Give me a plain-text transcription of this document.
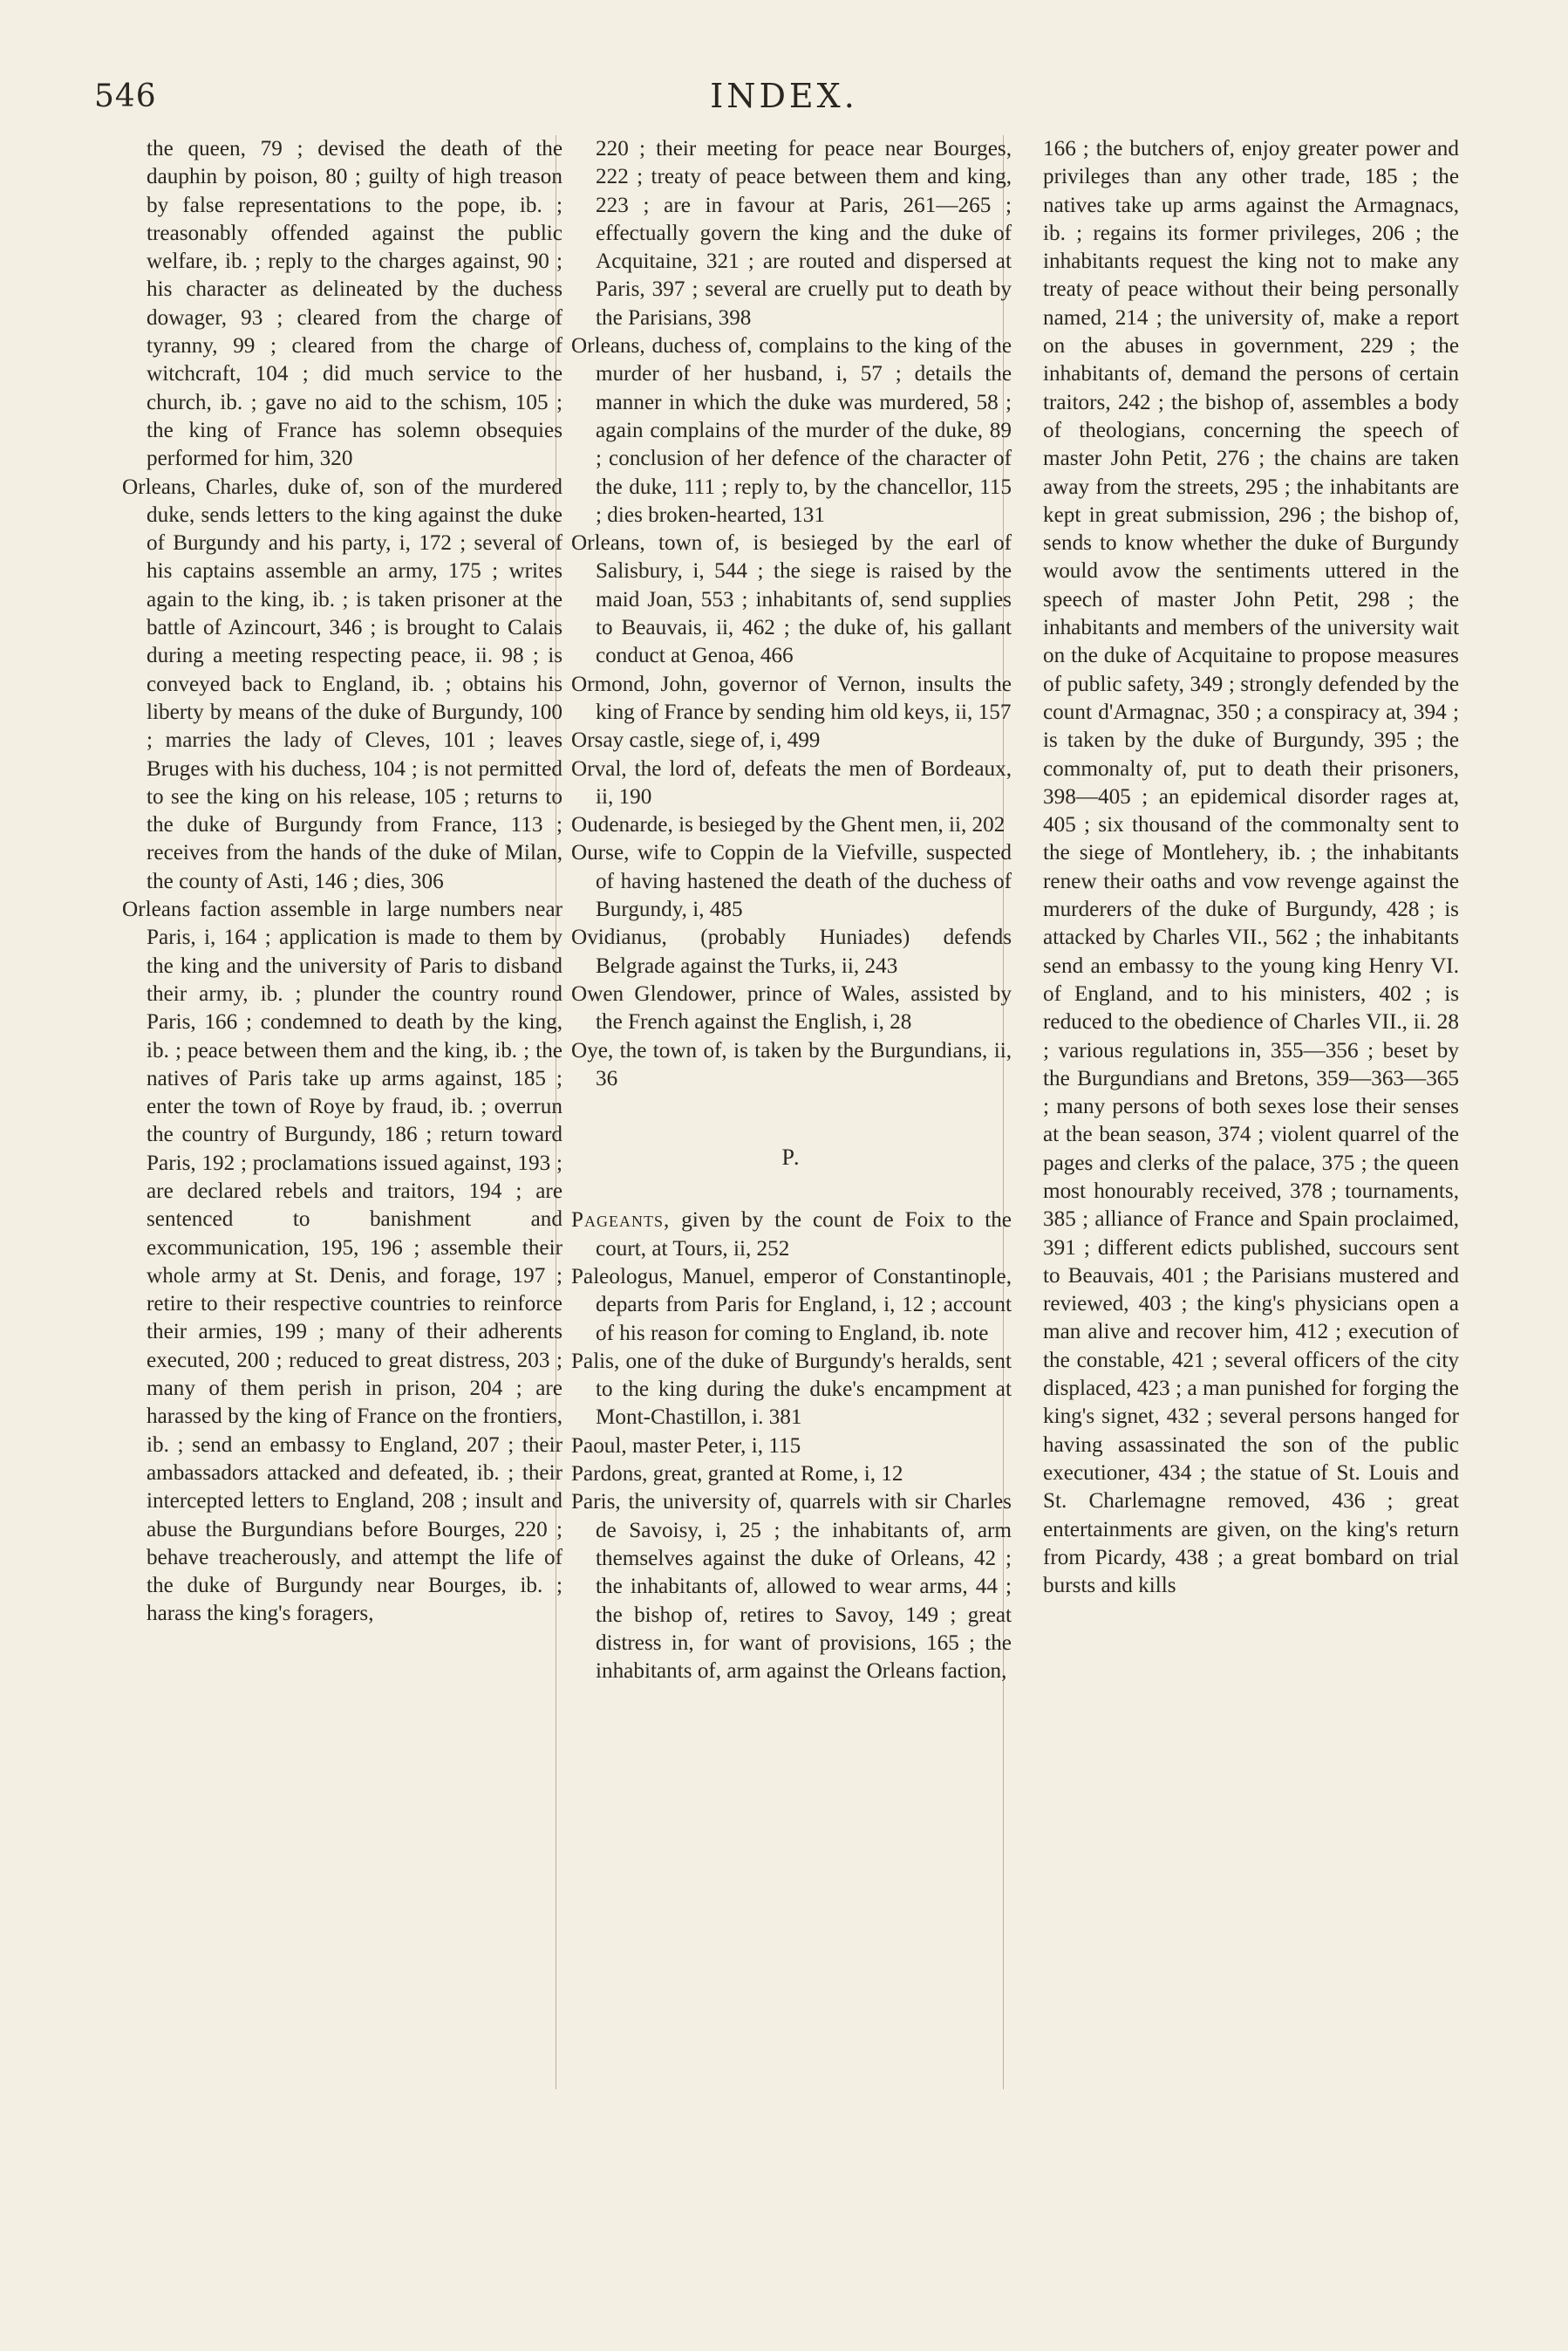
546	INDEX.

the queen, 79 ; devised the death of the dauphin by poison, 80 ; guilty of high treason by false representations to the pope, ib. ; treasonably offended against the public welfare, ib. ; reply to the charges against, 90 ; his character as delineated by the duchess dowager, 93 ; cleared from the charge of tyranny, 99 ; cleared from the charge of witchcraft, 104 ; did much service to the church, ib. ; gave no aid to the schism, 105 ; the king of France has solemn obsequies performed for him, 320

Orleans, Charles, duke of, son of the murdered duke, sends letters to the king against the duke of Burgundy and his party, i, 172 ; several of his captains assemble an army, 175 ; writes again to the king, ib. ; is taken prisoner at the battle of Azincourt, 346 ; is brought to Calais during a meeting respecting peace, ii. 98 ; is conveyed back to England, ib. ; obtains his liberty by means of the duke of Burgundy, 100 ; marries the lady of Cleves, 101 ; leaves Bruges with his duchess, 104 ; is not permitted to see the king on his release, 105 ; returns to the duke of Burgundy from France, 113 ; receives from the hands of the duke of Milan, the county of Asti, 146 ; dies, 306

Orleans faction assemble in large numbers near Paris, i, 164 ; application is made to them by the king and the university of Paris to disband their army, ib. ; plunder the country round Paris, 166 ; condemned to death by the king, ib. ; peace between them and the king, ib. ; the natives of Paris take up arms against, 185 ; enter the town of Roye by fraud, ib. ; overrun the country of Burgundy, 186 ; return toward Paris, 192 ; proclamations issued against, 193 ; are declared rebels and traitors, 194 ; are sentenced to banishment and excommunication, 195, 196 ; assemble their whole army at St. Denis, and forage, 197 ; retire to their respective countries to reinforce their armies, 199 ; many of their adherents executed, 200 ; reduced to great distress, 203 ; many of them perish in prison, 204 ; are harassed by the king of France on the frontiers, ib. ; send an embassy to England, 207 ; their ambassadors attacked and defeated, ib. ; their intercepted letters to England, 208 ; insult and abuse the Burgundians before Bourges, 220 ; behave treacherously, and attempt the life of the duke of Burgundy near Bourges, ib. ; harass the king's foragers,

220 ; their meeting for peace near Bourges, 222 ; treaty of peace between them and king, 223 ; are in favour at Paris, 261—265 ; effectually govern the king and the duke of Acquitaine, 321 ; are routed and dispersed at Paris, 397 ; several are cruelly put to death by the Parisians, 398

Orleans, duchess of, complains to the king of the murder of her husband, i, 57 ; details the manner in which the duke was murdered, 58 ; again complains of the murder of the duke, 89 ; conclusion of her defence of the character of the duke, 111 ; reply to, by the chancellor, 115 ; dies broken-hearted, 131

Orleans, town of, is besieged by the earl of Salisbury, i, 544 ; the siege is raised by the maid Joan, 553 ; inhabitants of, send supplies to Beauvais, ii, 462 ; the duke of, his gallant conduct at Genoa, 466

Ormond, John, governor of Vernon, insults the king of France by sending him old keys, ii, 157

Orsay castle, siege of, i, 499

Orval, the lord of, defeats the men of Bordeaux, ii, 190

Oudenarde, is besieged by the Ghent men, ii, 202

Ourse, wife to Coppin de la Viefville, suspected of having hastened the death of the duchess of Burgundy, i, 485

Ovidianus, (probably Huniades) defends Belgrade against the Turks, ii, 243

Owen Glendower, prince of Wales, assisted by the French against the English, i, 28

Oye, the town of, is taken by the Burgundians, ii, 36

P.

Pageants, given by the count de Foix to the court, at Tours, ii, 252

Paleologus, Manuel, emperor of Constantinople, departs from Paris for England, i, 12 ; account of his reason for coming to England, ib. note

Palis, one of the duke of Burgundy's heralds, sent to the king during the duke's encampment at Mont-Chastillon, i. 381

Paoul, master Peter, i, 115

Pardons, great, granted at Rome, i, 12

Paris, the university of, quarrels with sir Charles de Savoisy, i, 25 ; the inhabitants of, arm themselves against the duke of Orleans, 42 ; the inhabitants of, allowed to wear arms, 44 ; the bishop of, retires to Savoy, 149 ; great distress in, for want of provisions, 165 ; the inhabitants of, arm against the Orleans faction,

166 ; the butchers of, enjoy greater power and privileges than any other trade, 185 ; the natives take up arms against the Armagnacs, ib. ; regains its former privileges, 206 ; the inhabitants request the king not to make any treaty of peace without their being personally named, 214 ; the university of, make a report on the abuses in government, 229 ; the inhabitants of, demand the persons of certain traitors, 242 ; the bishop of, assembles a body of theologians, concerning the speech of master John Petit, 276 ; the chains are taken away from the streets, 295 ; the inhabitants are kept in great submission, 296 ; the bishop of, sends to know whether the duke of Burgundy would avow the sentiments uttered in the speech of master John Petit, 298 ; the inhabitants and members of the university wait on the duke of Acquitaine to propose measures of public safety, 349 ; strongly defended by the count d'Armagnac, 350 ; a conspiracy at, 394 ; is taken by the duke of Burgundy, 395 ; the commonalty of, put to death their prisoners, 398—405 ; an epidemical disorder rages at, 405 ; six thousand of the commonalty sent to the siege of Montlehery, ib. ; the inhabitants renew their oaths and vow revenge against the murderers of the duke of Burgundy, 428 ; is attacked by Charles VII., 562 ; the inhabitants send an embassy to the young king Henry VI. of England, and to his ministers, 402 ; is reduced to the obedience of Charles VII., ii. 28 ; various regulations in, 355—356 ; beset by the Burgundians and Bretons, 359—363—365 ; many persons of both sexes lose their senses at the bean season, 374 ; violent quarrel of the pages and clerks of the palace, 375 ; the queen most honourably received, 378 ; tournaments, 385 ; alliance of France and Spain proclaimed, 391 ; different edicts published, succours sent to Beauvais, 401 ; the Parisians mustered and reviewed, 403 ; the king's physicians open a man alive and recover him, 412 ; execution of the constable, 421 ; several officers of the city displaced, 423 ; a man punished for forging the king's signet, 432 ; several persons hanged for having assassinated the son of the public executioner, 434 ; the statue of St. Louis and St. Charlemagne removed, 436 ; great entertainments are given, on the king's return from Picardy, 438 ; a great bombard on trial bursts and kills
